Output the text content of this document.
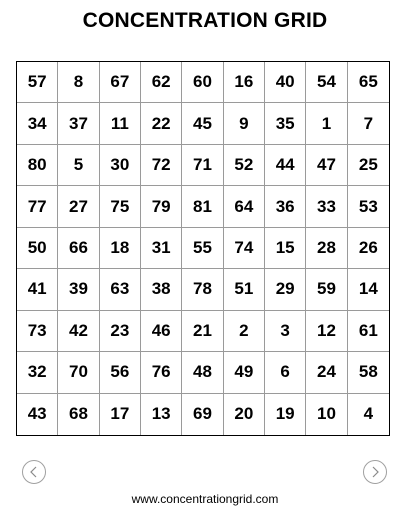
CONCENTRATION GRID
57	8	67	62	60	16	40	54	65
34	37	11	22	45	9	35	1	7
80	5	30	72	71	52	44	47	25
77	27	75	79	81	64	36	33	53
50	66	18	31	55	74	15	28	26
41	39	63	38	78	51	29	59	14
73	42	23	46	21	2	3	12	61
32	70	56	76	48	49	6	24	58
43	68	17	13	69	20	19	10	4
www.concentrationgrid.com
